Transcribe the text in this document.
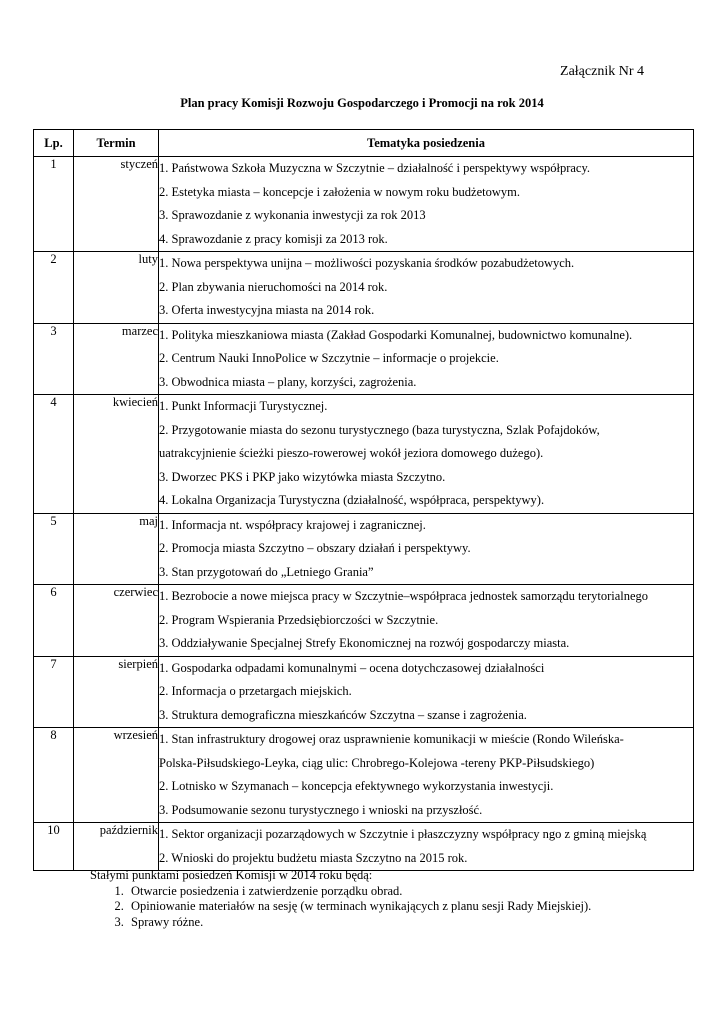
Załącznik Nr 4
Plan pracy Komisji Rozwoju Gospodarczego i Promocji na rok 2014
Lp.	Termin	Tematyka posiedzenia
1	styczeń	1. Państwowa Szkoła Muzyczna w Szczytnie – działalność i perspektywy współpracy.
2. Estetyka miasta – koncepcje i założenia w nowym roku budżetowym.
3. Sprawozdanie z wykonania inwestycji za rok 2013
4. Sprawozdanie z pracy komisji za 2013 rok.

2	luty	1. Nowa perspektywa unijna – możliwości pozyskania środków pozabudżetowych.
2. Plan zbywania nieruchomości na 2014 rok.
3. Oferta inwestycyjna miasta na 2014 rok.

3	marzec	1. Polityka mieszkaniowa miasta (Zakład Gospodarki Komunalnej, budownictwo komunalne).
2. Centrum Nauki InnoPolice w Szczytnie – informacje o projekcie.
3. Obwodnica miasta – plany, korzyści, zagrożenia.

4	kwiecień	1. Punkt Informacji Turystycznej.
2. Przygotowanie miasta do sezonu turystycznego (baza turystyczna, Szlak Pofajdoków,
uatrakcyjnienie ścieżki pieszo-rowerowej wokół jeziora domowego dużego).
3. Dworzec PKS i PKP jako wizytówka miasta Szczytno.
4. Lokalna Organizacja Turystyczna (działalność, współpraca, perspektywy).

5	maj	1. Informacja nt. współpracy krajowej i zagranicznej.
2. Promocja miasta Szczytno – obszary działań i perspektywy.
3. Stan przygotowań do „Letniego Grania”

6	czerwiec	1. Bezrobocie a nowe miejsca pracy w Szczytnie–współpraca jednostek samorządu terytorialnego
2. Program Wspierania Przedsiębiorczości w Szczytnie.
3. Oddziaływanie Specjalnej Strefy Ekonomicznej na rozwój gospodarczy miasta.

7	sierpień	1. Gospodarka odpadami komunalnymi – ocena dotychczasowej działalności
2. Informacja o przetargach miejskich.
3. Struktura demograficzna mieszkańców Szczytna – szanse i zagrożenia.

8	wrzesień	1. Stan infrastruktury drogowej oraz usprawnienie komunikacji w mieście (Rondo Wileńska-
Polska-Piłsudskiego-Leyka, ciąg ulic: Chrobrego-Kolejowa -tereny PKP-Piłsudskiego)
2. Lotnisko w Szymanach – koncepcja efektywnego wykorzystania inwestycji.
3. Podsumowanie sezonu turystycznego i wnioski na przyszłość.

10	październik	1. Sektor organizacji pozarządowych w Szczytnie i płaszczyzny współpracy ngo z gminą miejską
2. Wnioski do projektu budżetu miasta Szczytno na 2015 rok.
Stałymi punktami posiedzeń Komisji w 2014 roku będą:
1. Otwarcie posiedzenia i zatwierdzenie porządku obrad.
2. Opiniowanie materiałów na sesję (w terminach wynikających z planu sesji Rady Miejskiej).
3. Sprawy różne.
